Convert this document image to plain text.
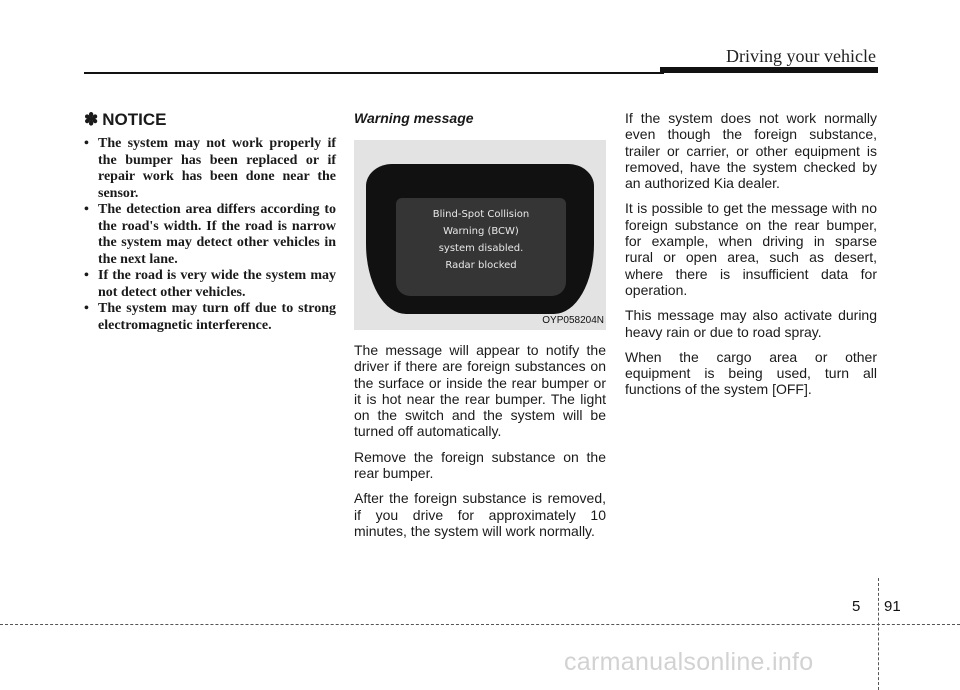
Driving your vehicle
✽ NOTICE
• The system may not work properly if the bumper has been replaced or if repair work has been done near the sensor.
• The detection area differs according to the road's width. If the road is narrow the system may detect other vehicles in the next lane.
• If the road is very wide the system may not detect other vehicles.
• The system may turn off due to strong electromagnetic interference.
Warning message
Blind-Spot Collision
Warning (BCW)
system disabled.
Radar blocked
OYP058204N

The message will appear to notify the driver if there are foreign substances on the surface or inside the rear bumper or it is hot near the rear bumper. The light on the switch and the system will be turned off automatically.

Remove the foreign substance on the rear bumper.

After the foreign substance is removed, if you drive for approximately 10 minutes, the system will work normally.

If the system does not work normally even though the foreign substance, trailer or carrier, or other equipment is removed, have the system checked by an authorized Kia dealer.

It is possible to get the message with no foreign substance on the rear bumper, for example, when driving in sparse rural or open area, such as desert, where there is insufficient data for operation.

This message may also activate during heavy rain or due to road spray.

When the cargo area or other equipment is being used, turn all functions of the system [OFF].

5 91
carmanualsonline.info
